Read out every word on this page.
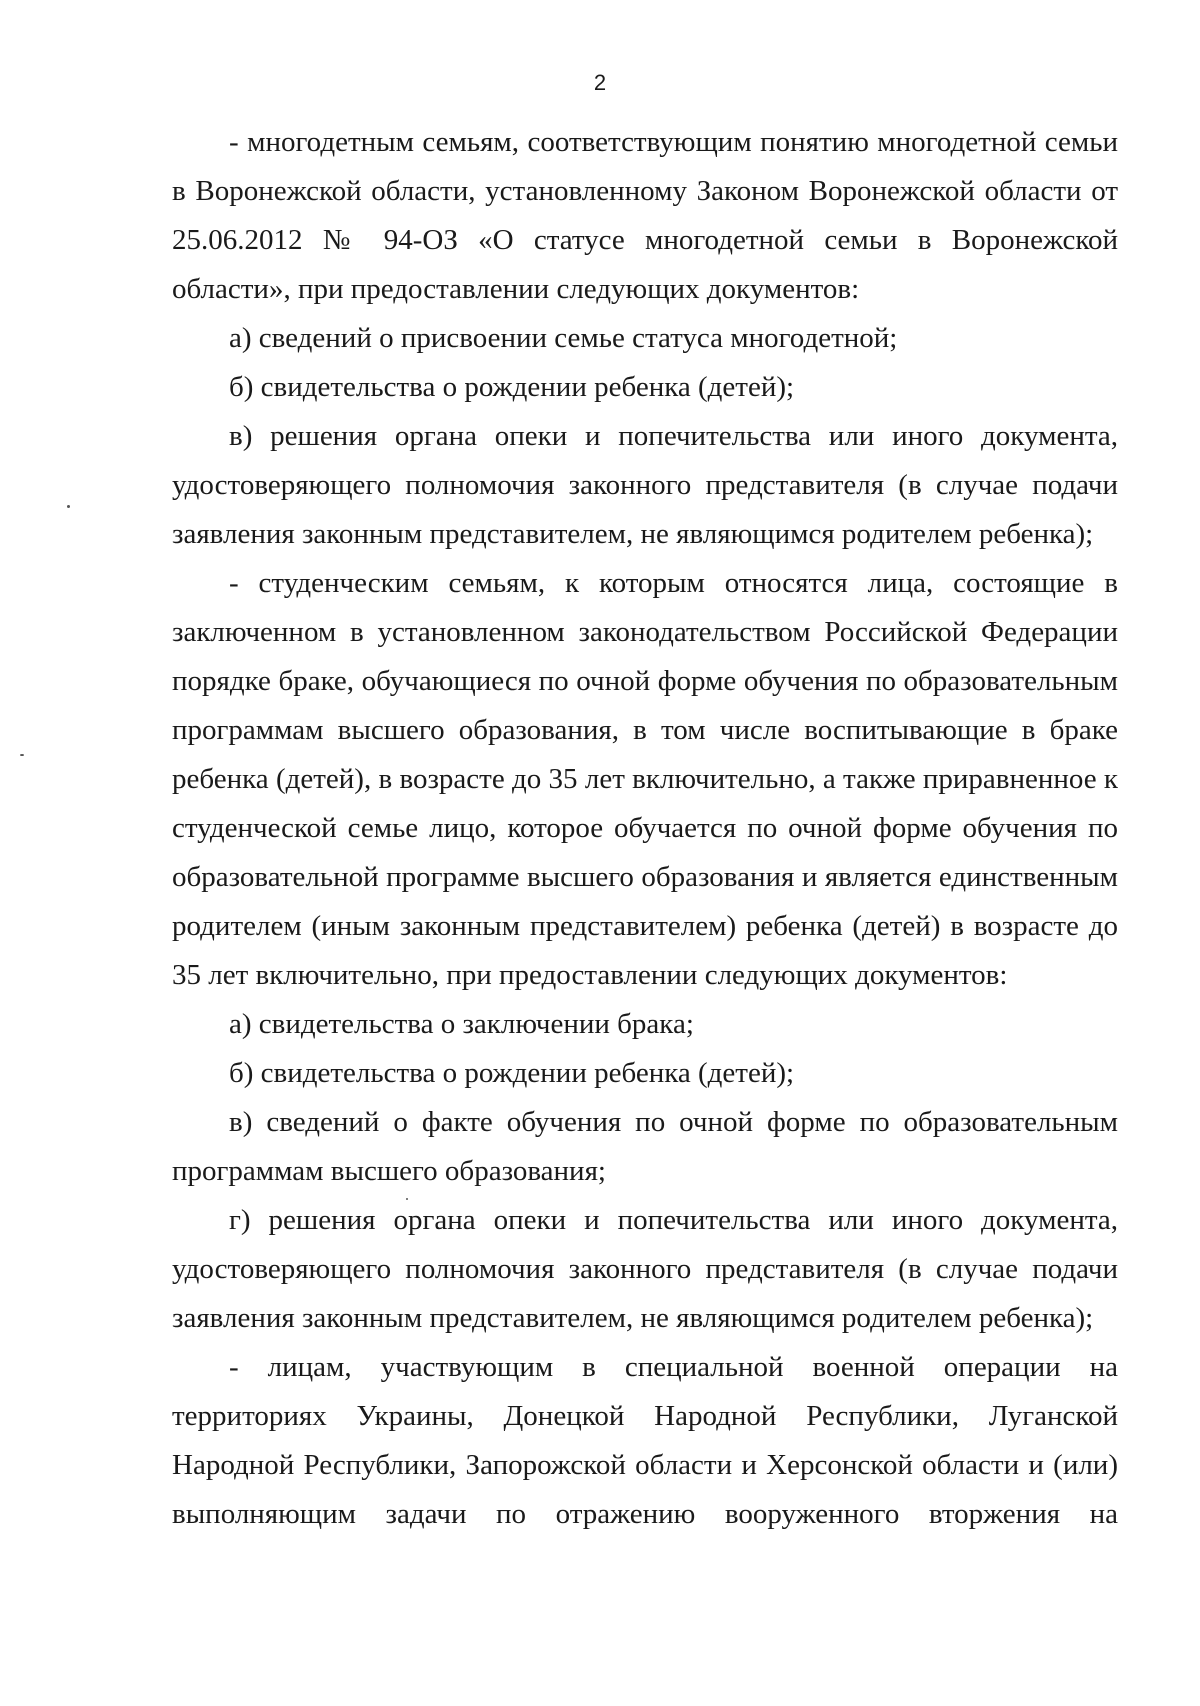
2

- многодетным семьям, соответствующим понятию многодетной семьи в Воронежской области, установленному Законом Воронежской области от 25.06.2012 № 94-ОЗ «О статусе многодетной семьи в Воронежской области», при предоставлении следующих документов:

а) сведений о присвоении семье статуса многодетной;

б) свидетельства о рождении ребенка (детей);

в) решения органа опеки и попечительства или иного документа, удостоверяющего полномочия законного представителя (в случае подачи заявления законным представителем, не являющимся родителем ребенка);

- студенческим семьям, к которым относятся лица, состоящие в заключенном в установленном законодательством Российской Федерации порядке браке, обучающиеся по очной форме обучения по образовательным программам высшего образования, в том числе воспитывающие в браке ребенка (детей), в возрасте до 35 лет включительно, а также приравненное к студенческой семье лицо, которое обучается по очной форме обучения по образовательной программе высшего образования и является единственным родителем (иным законным представителем) ребенка (детей) в возрасте до 35 лет включительно, при предоставлении следующих документов:

а) свидетельства о заключении брака;

б) свидетельства о рождении ребенка (детей);

в) сведений о факте обучения по очной форме по образовательным программам высшего образования;

г) решения органа опеки и попечительства или иного документа, удостоверяющего полномочия законного представителя (в случае подачи заявления законным представителем, не являющимся родителем ребенка);

- лицам, участвующим в специальной военной операции на территориях Украины, Донецкой Народной Республики, Луганской Народной Республики, Запорожской области и Херсонской области и (или) выполняющим задачи по отражению вооруженного вторжения на
